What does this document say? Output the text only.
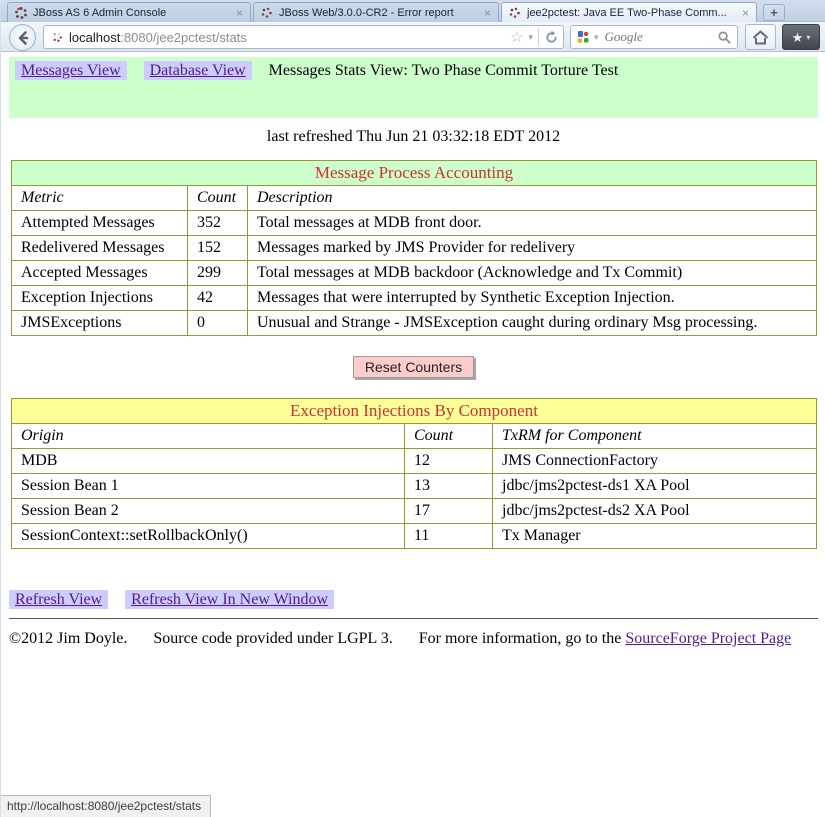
JBoss AS 6 Admin Console	×	JBoss Web/3.0.0-CR2 - Error report	×	jee2pctest: Java EE Two-Phase Comm...	×	+
localhost:8080/jee2pctest/stats	☆ ▾	▾
Google	★ ▾
Messages View Database View Messages Stats View: Two Phase Commit Torture Test
last refreshed Thu Jun 21 03:32:18 EDT 2012
Message Process Accounting		
Metric	Count	Description
Attempted Messages	352	Total messages at MDB front door.
Redelivered Messages	152	Messages marked by JMS Provider for redelivery
Accepted Messages	299	Total messages at MDB backdoor (Acknowledge and Tx Commit)
Exception Injections	42	Messages that were interrupted by Synthetic Exception Injection.
JMSExceptions	0	Unusual and Strange - JMSException caught during ordinary Msg processing.
Reset Counters
Exception Injections By Component		
Origin	Count	TxRM for Component
MDB	12	JMS ConnectionFactory
Session Bean 1	13	jdbc/jms2pctest-ds1 XA Pool
Session Bean 2	17	jdbc/jms2pctest-ds2 XA Pool
SessionContext::setRollbackOnly()	11	Tx Manager
Refresh View Refresh View In New Window
©2012 Jim Doyle. Source code provided under LGPL 3. For more information, go to the SourceForge Project Page
http://localhost:8080/jee2pctest/stats
